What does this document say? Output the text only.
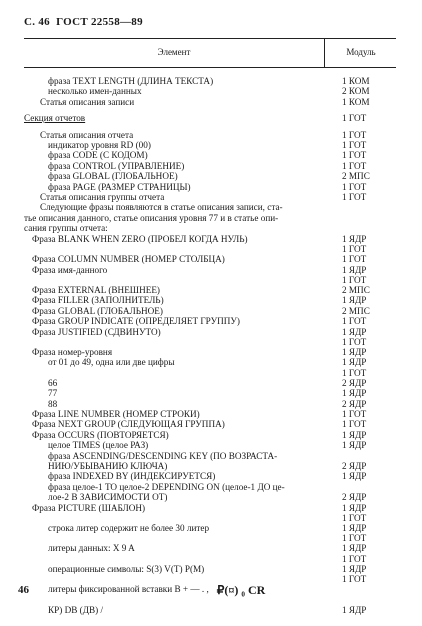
С. 46 ГОСТ 22558—89
Элемент	Модуль
фраза TEXT LENGTH (ДЛИНА ТЕКСТА)	1 КОМ
несколько имен-данных	2 КОМ
Статья описания записи	1 КОМ
Секция отчетов	1 ГОТ
Статья описания отчета	1 ГОТ
индикатор уровня RD (00)	1 ГОТ
фраза CODE (С КОДОМ)	1 ГОТ
фраза CONTROL (УПРАВЛЕНИЕ)	1 ГОТ
фраза GLOBAL (ГЛОБАЛЬНОЕ)	2 МПС
фраза PAGE (РАЗМЕР СТРАНИЦЫ)	1 ГОТ
Статья описания группы отчета	1 ГОТ
Следующие фразы появляются в статье описания записи, ста-
тье описания данного, статье описания уровня 77 и в статье опи-
сания группы отчета:
Фраза BLANK WHEN ZERO (ПРОБЕЛ КОГДА НУЛЬ)	1 ЯДР
1 ГОТ
Фраза COLUMN NUMBER (НОМЕР СТОЛБЦА)	1 ГОТ
Фраза имя-данного	1 ЯДР
1 ГОТ
Фраза EXTERNAL (ВНЕШНЕЕ)	2 МПС
Фраза FILLER (ЗАПОЛНИТЕЛЬ)	1 ЯДР
Фраза GLOBAL (ГЛОБАЛЬНОЕ)	2 МПС
Фраза GROUP INDICATE (ОПРЕДЕЛЯЕТ ГРУППУ)	1 ГОТ
Фраза JUSTIFIED (СДВИНУТО)	1 ЯДР
1 ГОТ
Фраза номер-уровня	1 ЯДР
от 01 до 49, одна или две цифры	1 ЯДР
1 ГОТ
66	2 ЯДР
77	1 ЯДР
88	2 ЯДР
Фраза LINE NUMBER (НОМЕР СТРОКИ)	1 ГОТ
Фраза NEXT GROUP (СЛЕДУЮЩАЯ ГРУППА)	1 ГОТ
Фраза OCCURS (ПОВТОРЯЕТСЯ)	1 ЯДР
целое TIMES (целое РАЗ)	1 ЯДР
фраза ASCENDING/DESCENDING KEY (ПО ВОЗРАСТА-
НИЮ/УБЫВАНИЮ КЛЮЧА)	2 ЯДР
фраза INDEXED BY (ИНДЕКСИРУЕТСЯ)	1 ЯДР
фраза целое-1 TO целое-2 DEPENDING ON (целое-1 ДО це-
лое-2 В ЗАВИСИМОСТИ ОТ)	2 ЯДР
Фраза PICTURE (ШАБЛОН)	1 ЯДР
1 ГОТ
строка литер содержит не более 30 литер	1 ЯДР
1 ГОТ
литеры данных: X 9 A	1 ЯДР
1 ГОТ
операционные символы: S(3) V(T) P(M)	1 ЯДР
1 ГОТ
литеры фиксированной вставки В + — . , ₽(¤) ₀ CR
КР) DB (ДВ) /	1 ЯДР
46
